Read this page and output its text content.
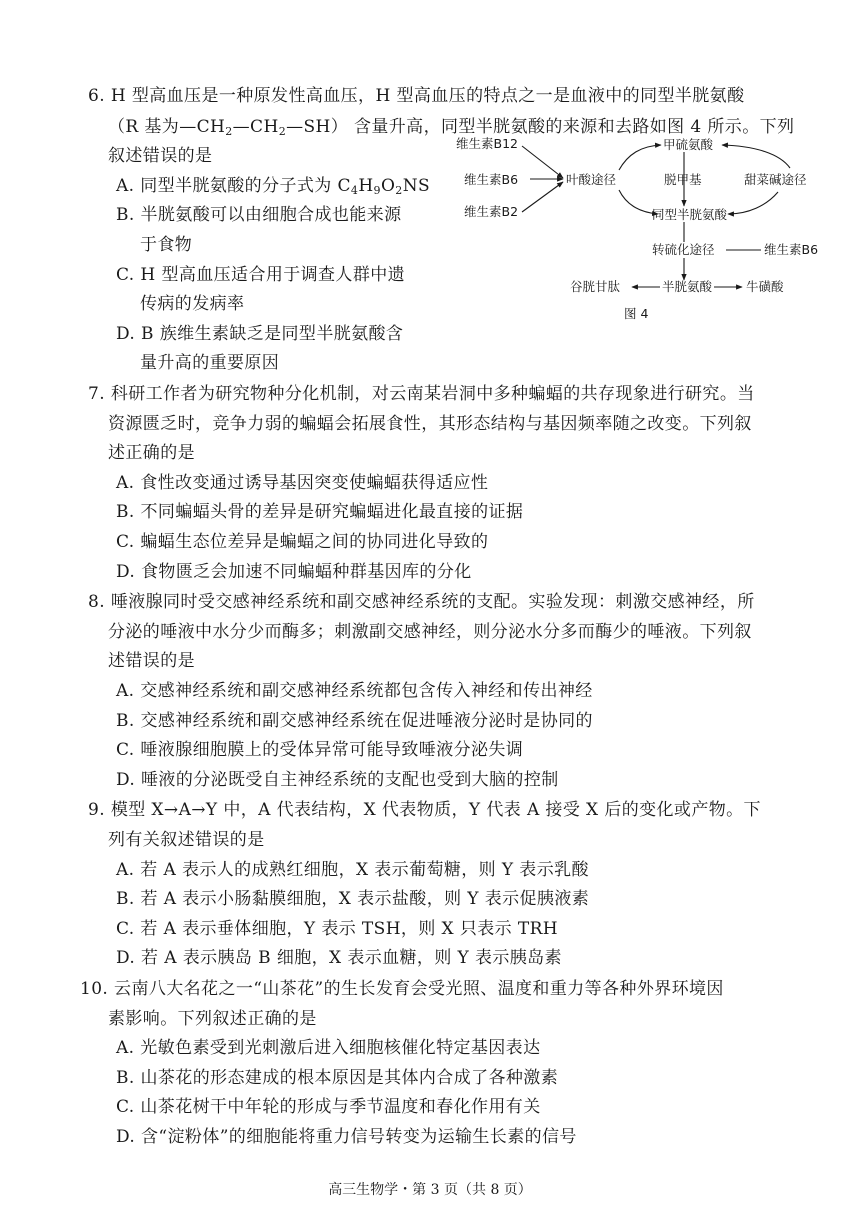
6. H 型高血压是一种原发性高血压，H 型高血压的特点之一是血液中的同型半胱氨酸
（R 基为$—CH_2—CH_2—SH$） 含量升高，同型半胱氨酸的来源和去路如图 4 所示。下列
叙述错误的是
A. 同型半胱氨酸的分子式为 $C_4H_9O_2NS$
B. 半胱氨酸可以由细胞合成也能来源
于食物
C. H 型高血压适合用于调查人群中遗
传病的发病率
D. B 族维生素缺乏是同型半胱氨酸含
量升高的重要原因
维生素B12
维生素B6
维生素B2
叶酸途径
甲硫氨酸
脱甲基	甜菜碱途径
同型半胱氨酸
转硫化途径	维生素B6
谷胱甘肽	半胱氨酸	牛磺酸
图 4
7. 科研工作者为研究物种分化机制，对云南某岩洞中多种蝙蝠的共存现象进行研究。当
资源匮乏时，竞争力弱的蝙蝠会拓展食性，其形态结构与基因频率随之改变。下列叙
述正确的是
A. 食性改变通过诱导基因突变使蝙蝠获得适应性
B. 不同蝙蝠头骨的差异是研究蝙蝠进化最直接的证据
C. 蝙蝠生态位差异是蝙蝠之间的协同进化导致的
D. 食物匮乏会加速不同蝙蝠种群基因库的分化
8. 唾液腺同时受交感神经系统和副交感神经系统的支配。实验发现：刺激交感神经，所
分泌的唾液中水分少而酶多；刺激副交感神经，则分泌水分多而酶少的唾液。下列叙
述错误的是
A. 交感神经系统和副交感神经系统都包含传入神经和传出神经
B. 交感神经系统和副交感神经系统在促进唾液分泌时是协同的
C. 唾液腺细胞膜上的受体异常可能导致唾液分泌失调
D. 唾液的分泌既受自主神经系统的支配也受到大脑的控制
9. 模型 X→A→Y 中，A 代表结构，X 代表物质，Y 代表 A 接受 X 后的变化或产物。下
列有关叙述错误的是
A. 若 A 表示人的成熟红细胞，X 表示葡萄糖，则 Y 表示乳酸
B. 若 A 表示小肠黏膜细胞，X 表示盐酸，则 Y 表示促胰液素
C. 若 A 表示垂体细胞，Y 表示 TSH，则 X 只表示 TRH
D. 若 A 表示胰岛 B 细胞，X 表示血糖，则 Y 表示胰岛素
10. 云南八大名花之一“山茶花”的生长发育会受光照、温度和重力等各种外界环境因
素影响。下列叙述正确的是
A. 光敏色素受到光刺激后进入细胞核催化特定基因表达
B. 山茶花的形态建成的根本原因是其体内合成了各种激素
C. 山茶花树干中年轮的形成与季节温度和春化作用有关
D. 含“淀粉体”的细胞能将重力信号转变为运输生长素的信号
高三生物学・第 3 页（共 8 页）
